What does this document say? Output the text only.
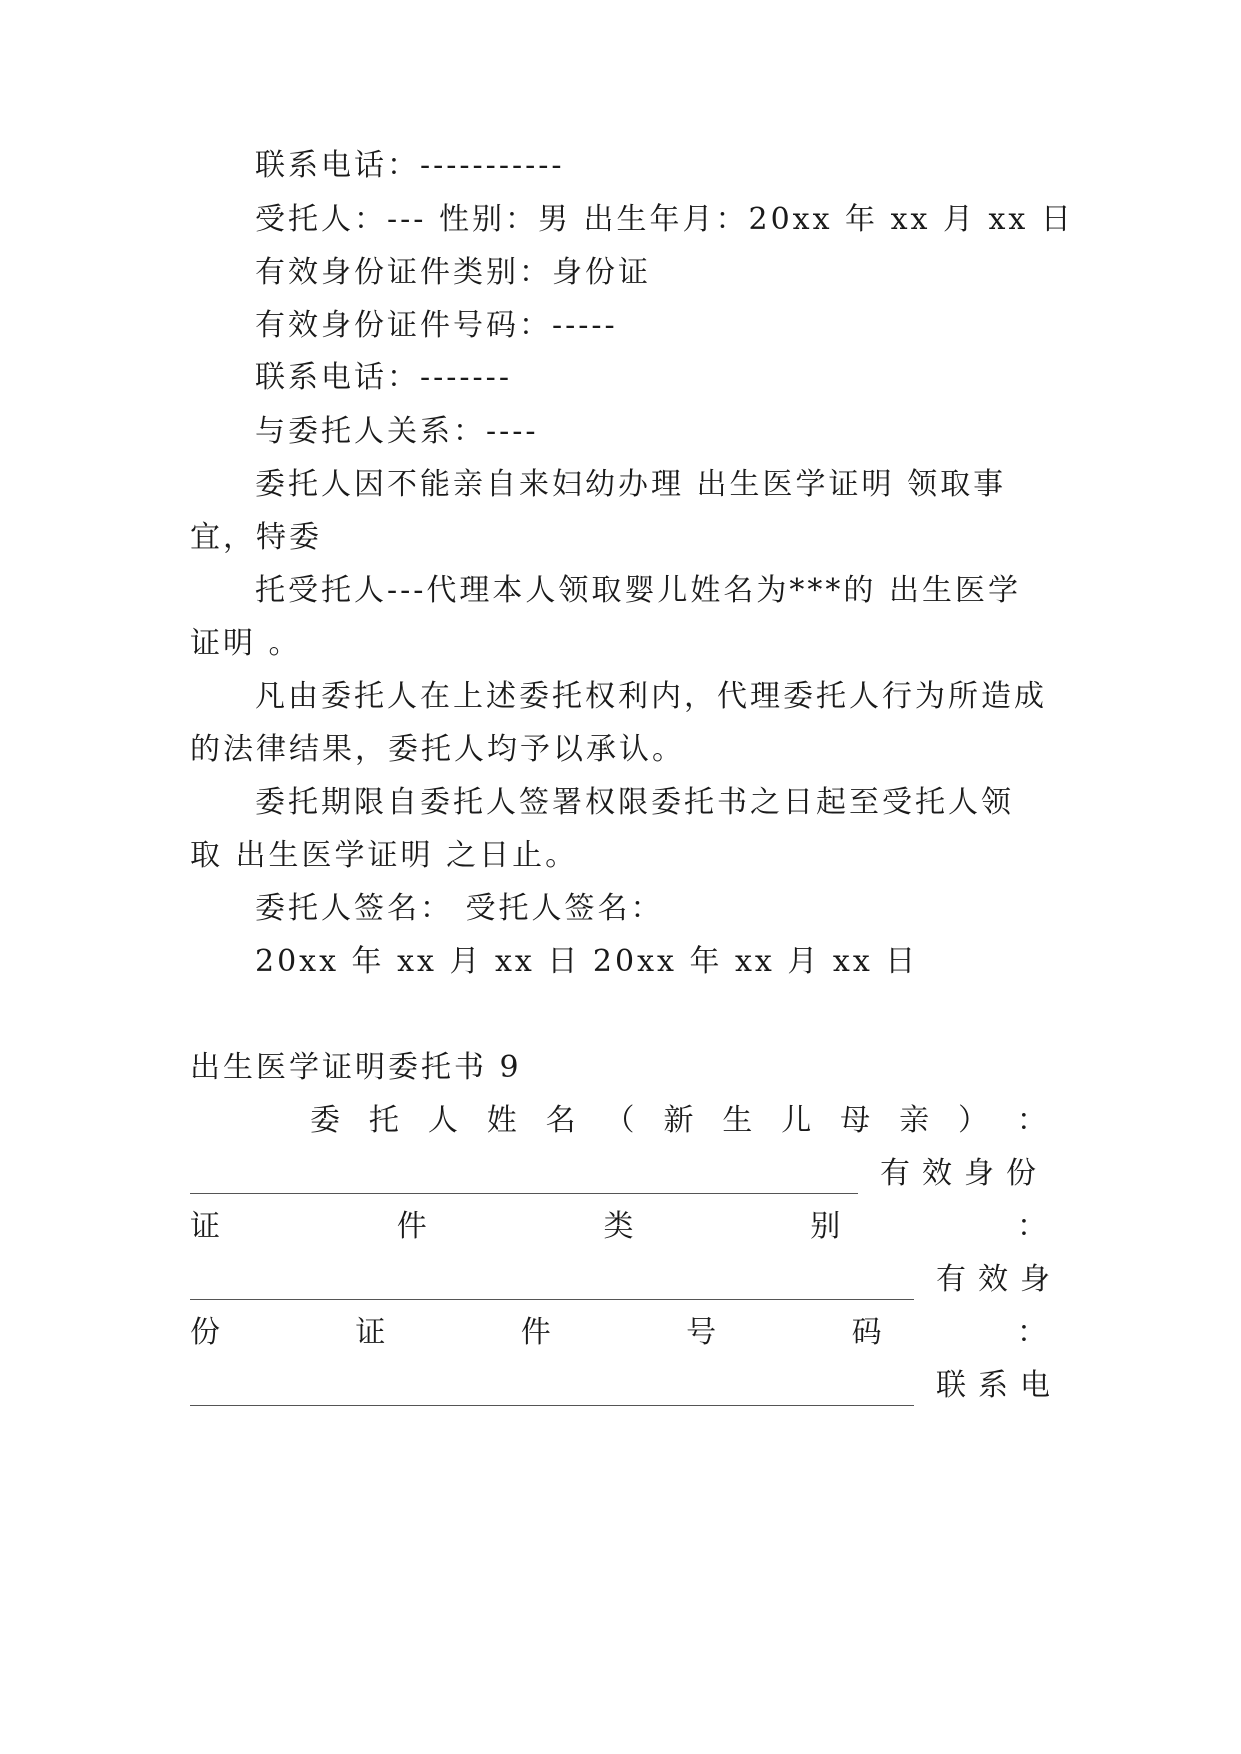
联系电话：-----------
受托人：--- 性别：男 出生年月：20xx 年 xx 月 xx 日
有效身份证件类别：身份证
有效身份证件号码：-----
联系电话：-------
与委托人关系：----
委托人因不能亲自来妇幼办理 出生医学证明 领取事
宜，特委
托受托人---代理本人领取婴儿姓名为***的 出生医学
证明 。
凡由委托人在上述委托权利内，代理委托人行为所造成
的法律结果，委托人均予以承认。
委托期限自委托人签署权限委托书之日起至受托人领
取 出生医学证明 之日止。
委托人签名： 受托人签名：
20xx 年 xx 月 xx 日 20xx 年 xx 月 xx 日
出生医学证明委托书 9
委 托 人 姓 名 （ 新 生 儿 母 亲 ） ：
有效身份
证	件	类	别	：
有效身
份	证	件	号	码	：
联系电
